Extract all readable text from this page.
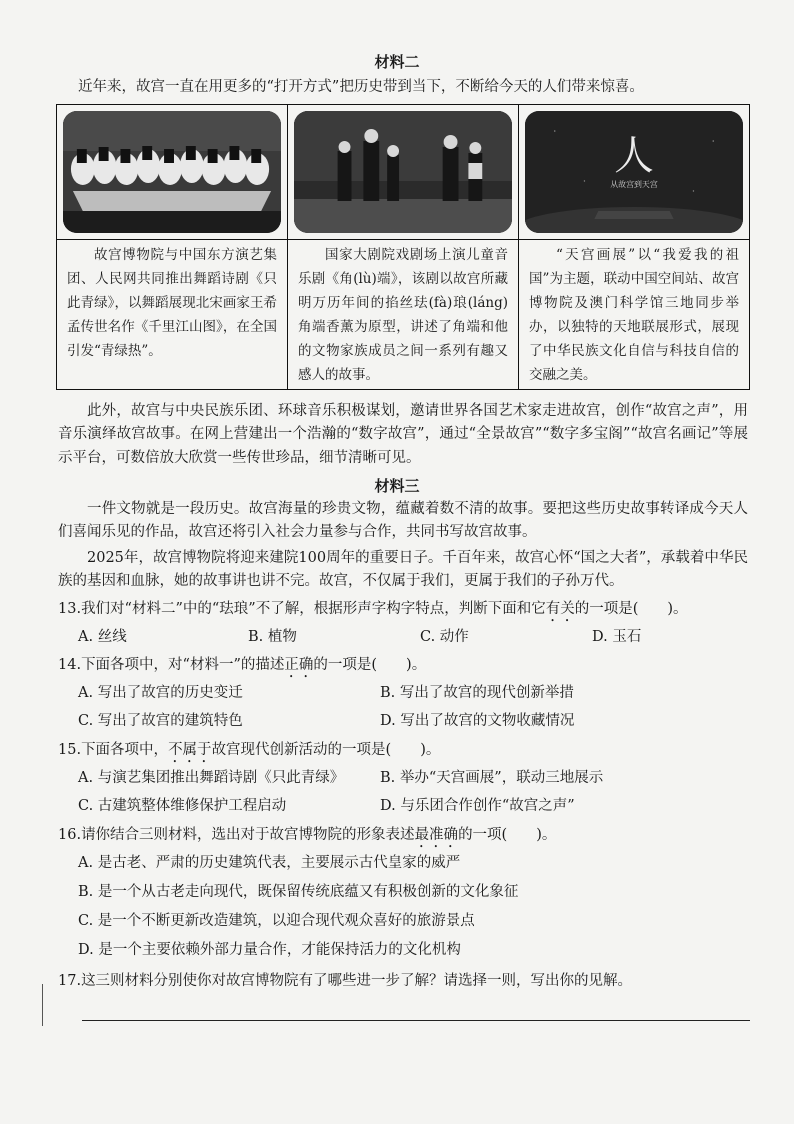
材料二
近年来，故宫一直在用更多的“打开方式”把历史带到当下，不断给今天的人们带来惊喜。
故宫博物院与中国东方演艺集团、人民网共同推出舞蹈诗剧《只此青绿》，以舞蹈展现北宋画家王希孟传世名作《千里江山图》，在全国引发“青绿热”。
国家大剧院戏剧场上演儿童音乐剧《角(lù)端》，该剧以故宫所藏明万历年间的掐丝珐(fà)琅(láng)角端香薰为原型，讲述了角端和他的文物家族成员之间一系列有趣又感人的故事。
人
从故宫到天宫
“天宫画展”以“我爱我的祖国”为主题，联动中国空间站、故宫博物院及澳门科学馆三地同步举办，以独特的天地联展形式，展现了中华民族文化自信与科技自信的交融之美。
此外，故宫与中央民族乐团、环球音乐积极谋划，邀请世界各国艺术家走进故宫，创作“故宫之声”，用音乐演绎故宫故事。在网上营建出一个浩瀚的“数字故宫”，通过“全景故宫”“数字多宝阁”“故宫名画记”等展示平台，可数倍放大欣赏一些传世珍品，细节清晰可见。
材料三
一件文物就是一段历史。故宫海量的珍贵文物，蕴藏着数不清的故事。要把这些历史故事转译成今天人们喜闻乐见的作品，故宫还将引入社会力量参与合作，共同书写故宫故事。
2025年，故宫博物院将迎来建院100周年的重要日子。千百年来，故宫心怀“国之大者”，承载着中华民族的基因和血脉，她的故事讲也讲不完。故宫，不仅属于我们，更属于我们的子孙万代。
13.我们对“材料二”中的“珐琅”不了解，根据形声字构字特点，判断下面和它有关的一项是(　　)。
A. 丝线	B. 植物	C. 动作	D. 玉石
14.下面各项中，对“材料一”的描述正确的一项是(　　)。
A. 写出了故宫的历史变迁	B. 写出了故宫的现代创新举措
C. 写出了故宫的建筑特色	D. 写出了故宫的文物收藏情况
15.下面各项中，不属于故宫现代创新活动的一项是(　　)。
A. 与演艺集团推出舞蹈诗剧《只此青绿》 B. 举办“天宫画展”，联动三地展示
C. 古建筑整体维修保护工程启动	D. 与乐团合作创作“故宫之声”
16.请你结合三则材料，选出对于故宫博物院的形象表述最准确的一项(　　)。
A. 是古老、严肃的历史建筑代表，主要展示古代皇家的威严
B. 是一个从古老走向现代，既保留传统底蕴又有积极创新的文化象征
C. 是一个不断更新改造建筑，以迎合现代观众喜好的旅游景点
D. 是一个主要依赖外部力量合作，才能保持活力的文化机构
17.这三则材料分别使你对故宫博物院有了哪些进一步了解？请选择一则，写出你的见解。
